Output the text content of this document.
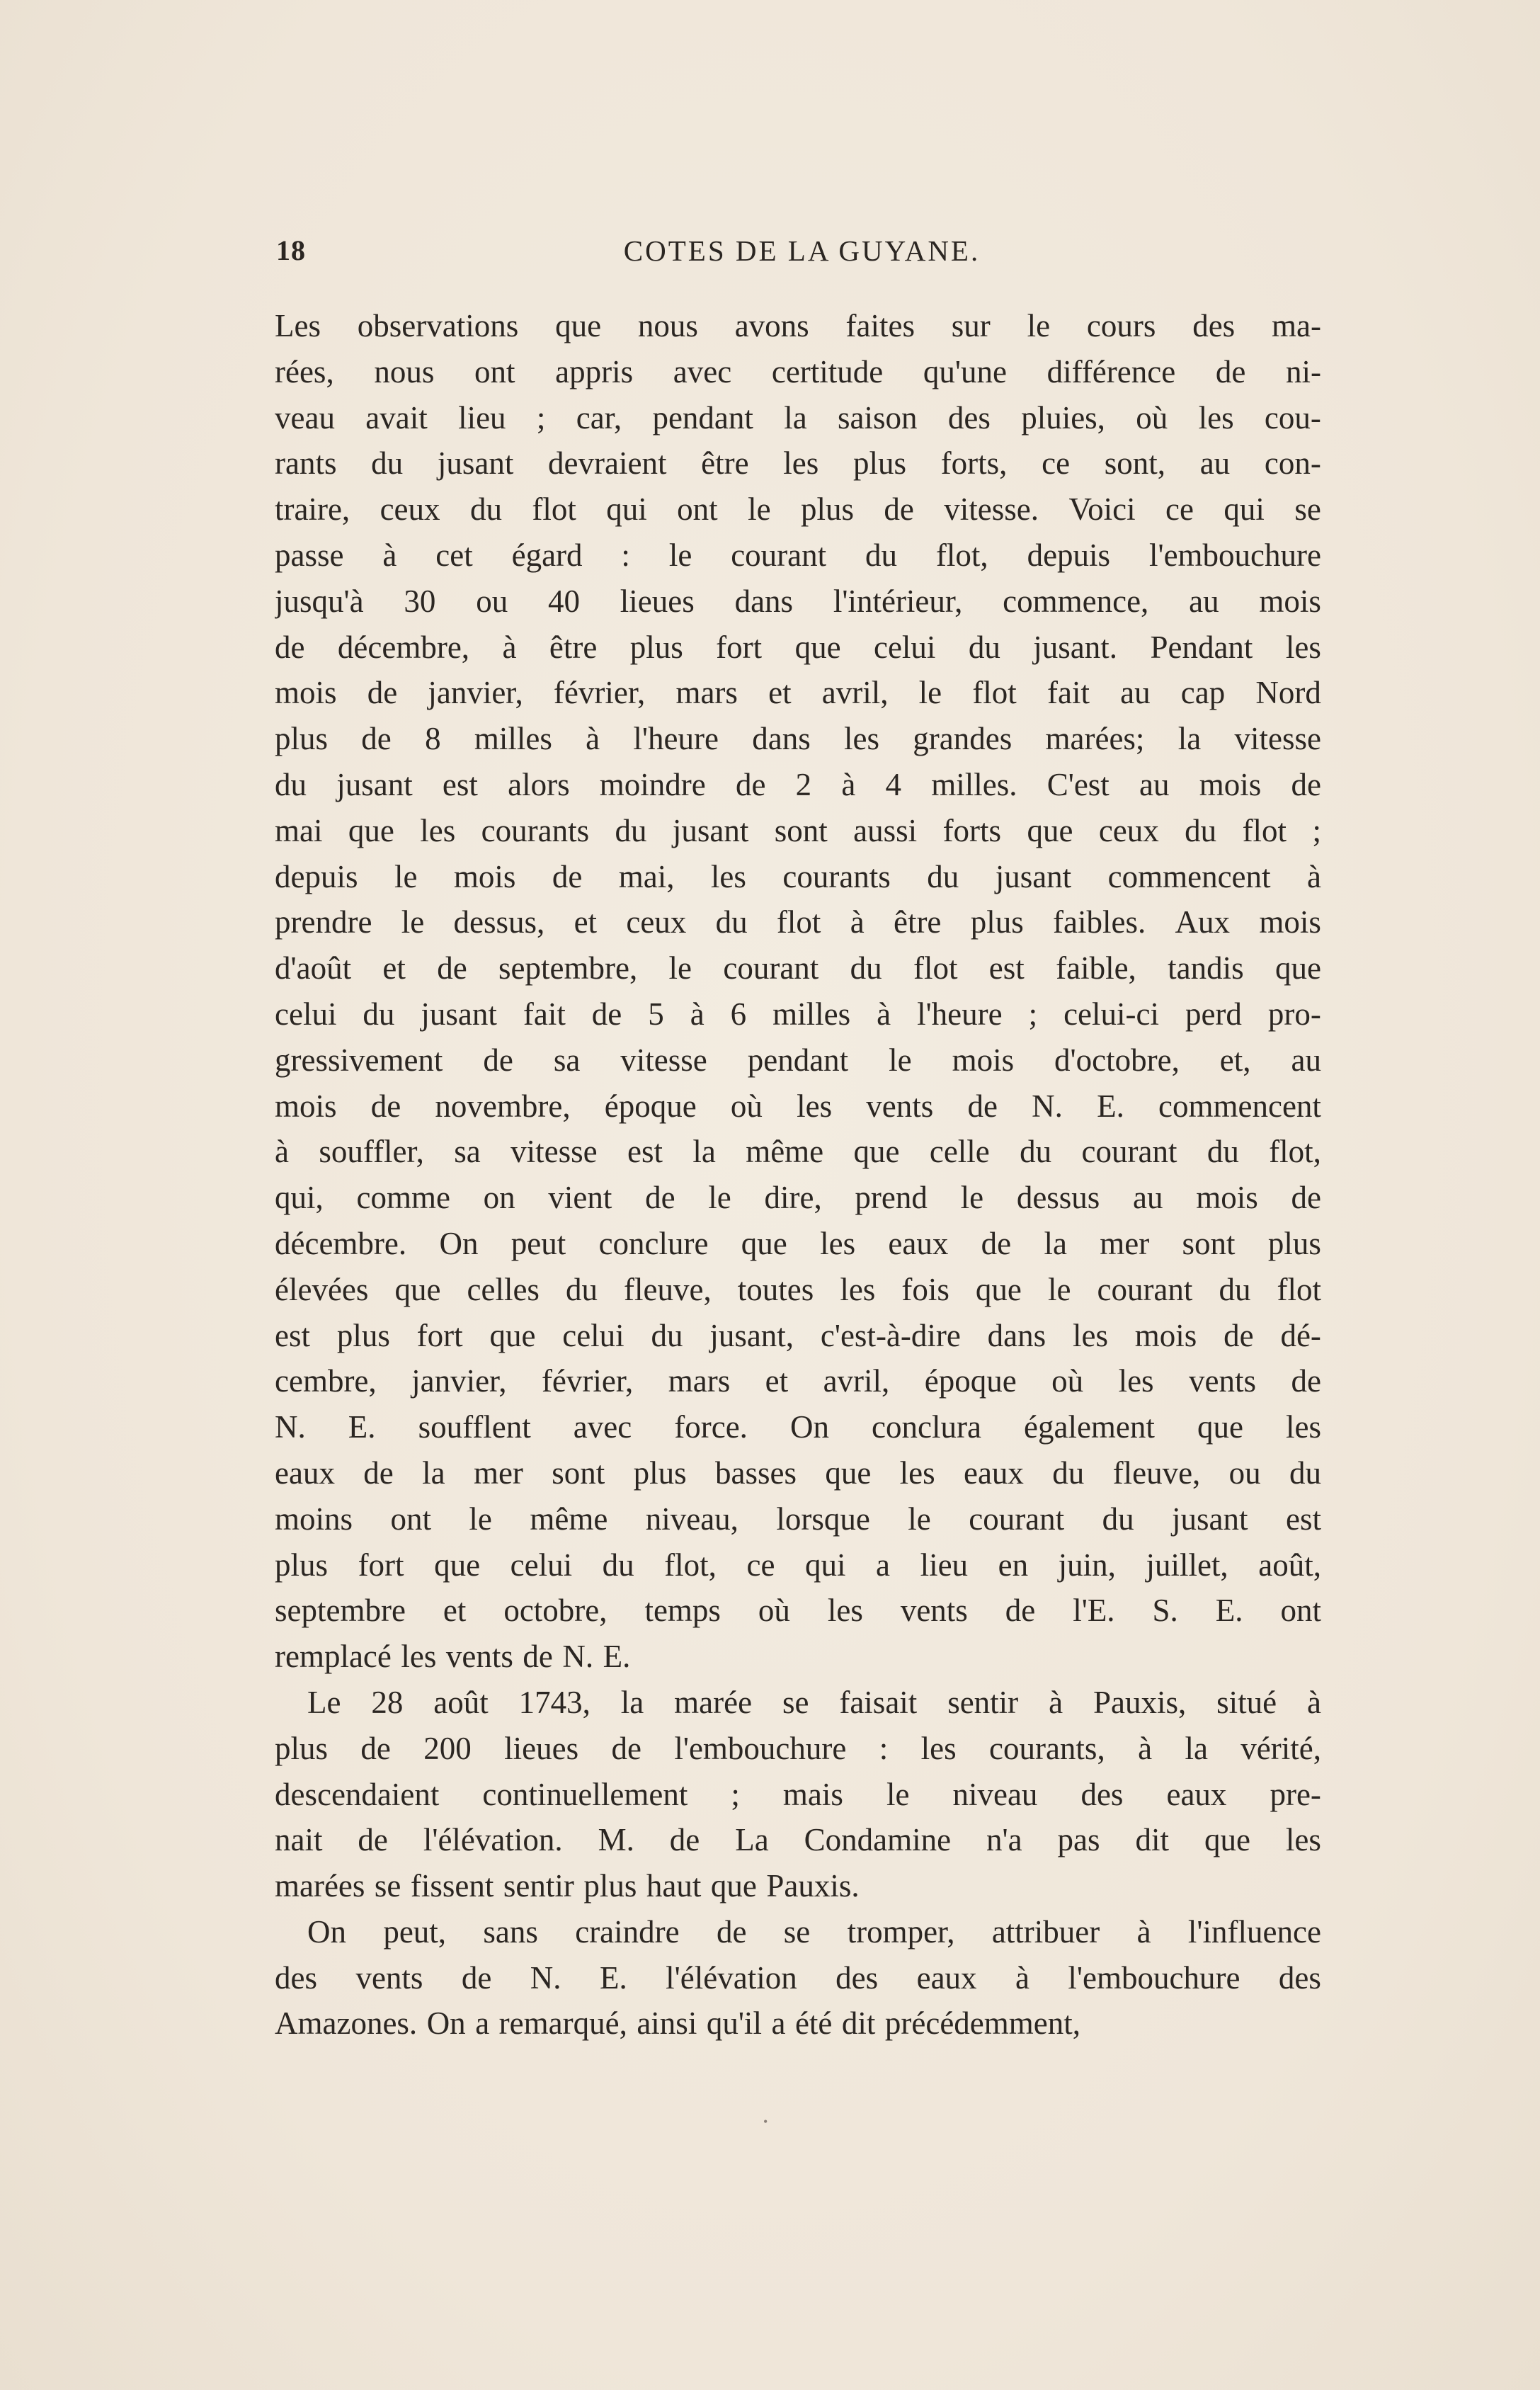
18	COTES DE LA GUYANE.
Les observations que nous avons faites sur le cours des ma-
rées, nous ont appris avec certitude qu'une différence de ni-
veau avait lieu ; car, pendant la saison des pluies, où les cou-
rants du jusant devraient être les plus forts, ce sont, au con-
traire, ceux du flot qui ont le plus de vitesse. Voici ce qui se
passe à cet égard : le courant du flot, depuis l'embouchure
jusqu'à 30 ou 40 lieues dans l'intérieur, commence, au mois
de décembre, à être plus fort que celui du jusant. Pendant les
mois de janvier, février, mars et avril, le flot fait au cap Nord
plus de 8 milles à l'heure dans les grandes marées; la vitesse
du jusant est alors moindre de 2 à 4 milles. C'est au mois de
mai que les courants du jusant sont aussi forts que ceux du flot ;
depuis le mois de mai, les courants du jusant commencent à
prendre le dessus, et ceux du flot à être plus faibles. Aux mois
d'août et de septembre, le courant du flot est faible, tandis que
celui du jusant fait de 5 à 6 milles à l'heure ; celui-ci perd pro-
gressivement de sa vitesse pendant le mois d'octobre, et, au
mois de novembre, époque où les vents de N. E. commencent
à souffler, sa vitesse est la même que celle du courant du flot,
qui, comme on vient de le dire, prend le dessus au mois de
décembre. On peut conclure que les eaux de la mer sont plus
élevées que celles du fleuve, toutes les fois que le courant du flot
est plus fort que celui du jusant, c'est-à-dire dans les mois de dé-
cembre, janvier, février, mars et avril, époque où les vents de
N. E. soufflent avec force. On conclura également que les
eaux de la mer sont plus basses que les eaux du fleuve, ou du
moins ont le même niveau, lorsque le courant du jusant est
plus fort que celui du flot, ce qui a lieu en juin, juillet, août,
septembre et octobre, temps où les vents de l'E. S. E. ont
remplacé les vents de N. E.
Le 28 août 1743, la marée se faisait sentir à Pauxis, situé à
plus de 200 lieues de l'embouchure : les courants, à la vérité,
descendaient continuellement ; mais le niveau des eaux pre-
nait de l'élévation. M. de La Condamine n'a pas dit que les
marées se fissent sentir plus haut que Pauxis.
On peut, sans craindre de se tromper, attribuer à l'influence
des vents de N. E. l'élévation des eaux à l'embouchure des
Amazones. On a remarqué, ainsi qu'il a été dit précédemment,
•
